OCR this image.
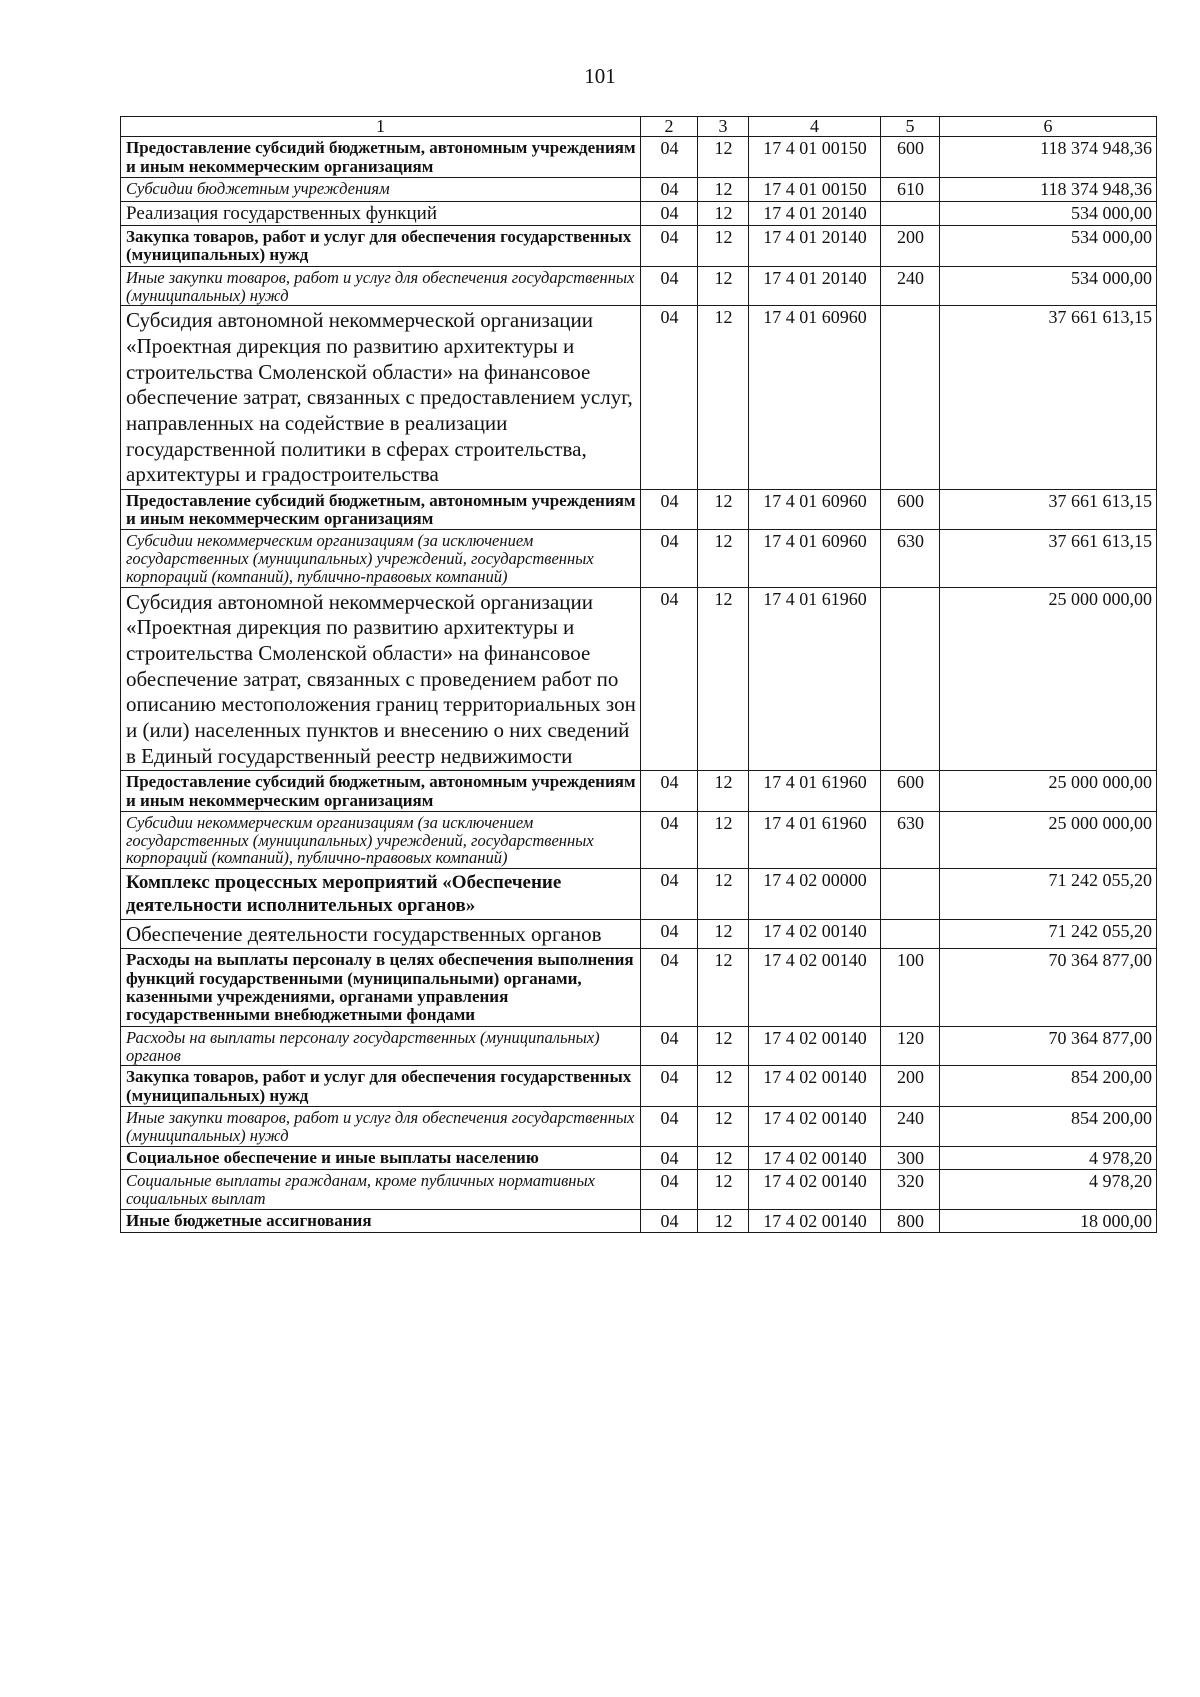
101
1	2	3	4	5	6
Предоставление субсидий бюджетным, автономным учреждениям и иным некоммерческим организациям	04	12	17 4 01 00150	600	118 374 948,36
Субсидии бюджетным учреждениям	04	12	17 4 01 00150	610	118 374 948,36
Реализация государственных функций	04	12	17 4 01 20140		534 000,00
Закупка товаров, работ и услуг для обеспечения государственных (муниципальных) нужд	04	12	17 4 01 20140	200	534 000,00
Иные закупки товаров, работ и услуг для обеспечения государственных (муниципальных) нужд	04	12	17 4 01 20140	240	534 000,00
Субсидия автономной некоммерческой организации «Проектная дирекция по развитию архитектуры и строительства Смоленской области» на финансовое обеспечение затрат, связанных с предоставлением услуг, направленных на содействие в реализации государственной политики в сферах строительства, архитектуры и градостроительства	04	12	17 4 01 60960		37 661 613,15
Предоставление субсидий бюджетным, автономным учреждениям и иным некоммерческим организациям	04	12	17 4 01 60960	600	37 661 613,15
Субсидии некоммерческим организациям (за исключением государственных (муниципальных) учреждений, государственных корпораций (компаний), публично-правовых компаний)	04	12	17 4 01 60960	630	37 661 613,15
Субсидия автономной некоммерческой организации «Проектная дирекция по развитию архитектуры и строительства Смоленской области» на финансовое обеспечение затрат, связанных с проведением работ по описанию местоположения границ территориальных зон и (или) населенных пунктов и внесению о них сведений в Единый государственный реестр недвижимости	04	12	17 4 01 61960		25 000 000,00
Предоставление субсидий бюджетным, автономным учреждениям и иным некоммерческим организациям	04	12	17 4 01 61960	600	25 000 000,00
Субсидии некоммерческим организациям (за исключением государственных (муниципальных) учреждений, государственных корпораций (компаний), публично-правовых компаний)	04	12	17 4 01 61960	630	25 000 000,00
Комплекс процессных мероприятий «Обеспечение деятельности исполнительных органов»	04	12	17 4 02 00000		71 242 055,20
Обеспечение деятельности государственных органов	04	12	17 4 02 00140		71 242 055,20
Расходы на выплаты персоналу в целях обеспечения выполнения функций государственными (муниципальными) органами, казенными учреждениями, органами управления государственными внебюджетными фондами	04	12	17 4 02 00140	100	70 364 877,00
Расходы на выплаты персоналу государственных (муниципальных) органов	04	12	17 4 02 00140	120	70 364 877,00
Закупка товаров, работ и услуг для обеспечения государственных (муниципальных) нужд	04	12	17 4 02 00140	200	854 200,00
Иные закупки товаров, работ и услуг для обеспечения государственных (муниципальных) нужд	04	12	17 4 02 00140	240	854 200,00
Социальное обеспечение и иные выплаты населению	04	12	17 4 02 00140	300	4 978,20
Социальные выплаты гражданам, кроме публичных нормативных социальных выплат	04	12	17 4 02 00140	320	4 978,20
Иные бюджетные ассигнования	04	12	17 4 02 00140	800	18 000,00
